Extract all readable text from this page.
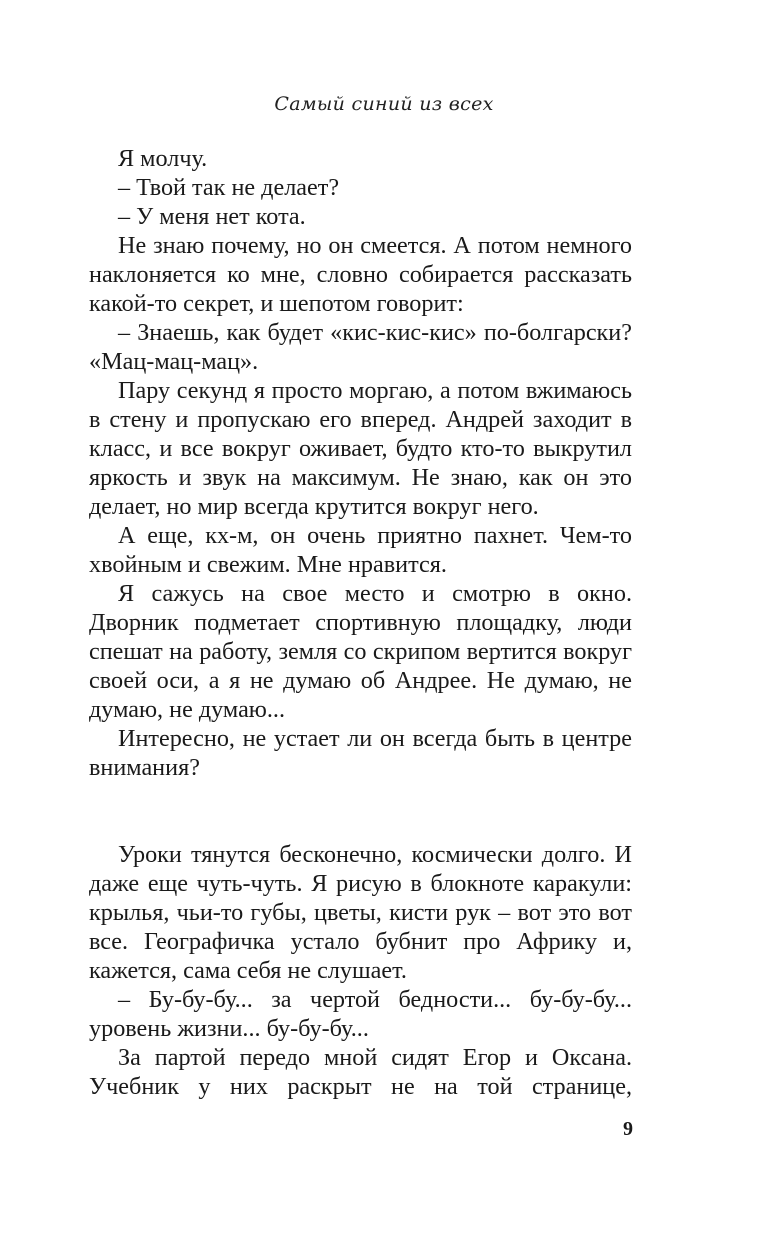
Самый синий из всех

Я молчу.

– Твой так не делает?

– У меня нет кота.

Не знаю почему, но он смеется. А потом немного наклоняется ко мне, словно собирается рассказать какой-то секрет, и шепотом говорит:

– Знаешь, как будет «кис-кис-кис» по-болгарски? «Мац-мац-мац».

Пару секунд я просто моргаю, а потом вжимаюсь в стену и пропускаю его вперед. Андрей заходит в класс, и все вокруг оживает, будто кто-то выкрутил яркость и звук на максимум. Не знаю, как он это делает, но мир всегда крутится вокруг него.

А еще, кх-м, он очень приятно пахнет. Чем-то хвойным и свежим. Мне нравится.

Я сажусь на свое место и смотрю в окно. Дворник подметает спортивную площадку, люди спешат на работу, земля со скрипом вертится вокруг своей оси, а я не думаю об Андрее. Не думаю, не думаю, не думаю...

Интересно, не устает ли он всегда быть в центре внимания?

Уроки тянутся бесконечно, космически долго. И даже еще чуть-чуть. Я рисую в блокноте каракули: крылья, чьи-то губы, цветы, кисти рук – вот это вот все. Географичка устало бубнит про Африку и, кажется, сама себя не слушает.

– Бу-бу-бу... за чертой бедности... бу-бу-бу... уровень жизни... бу-бу-бу...

За партой передо мной сидят Егор и Оксана. Учебник у них раскрыт не на той странице,

9
